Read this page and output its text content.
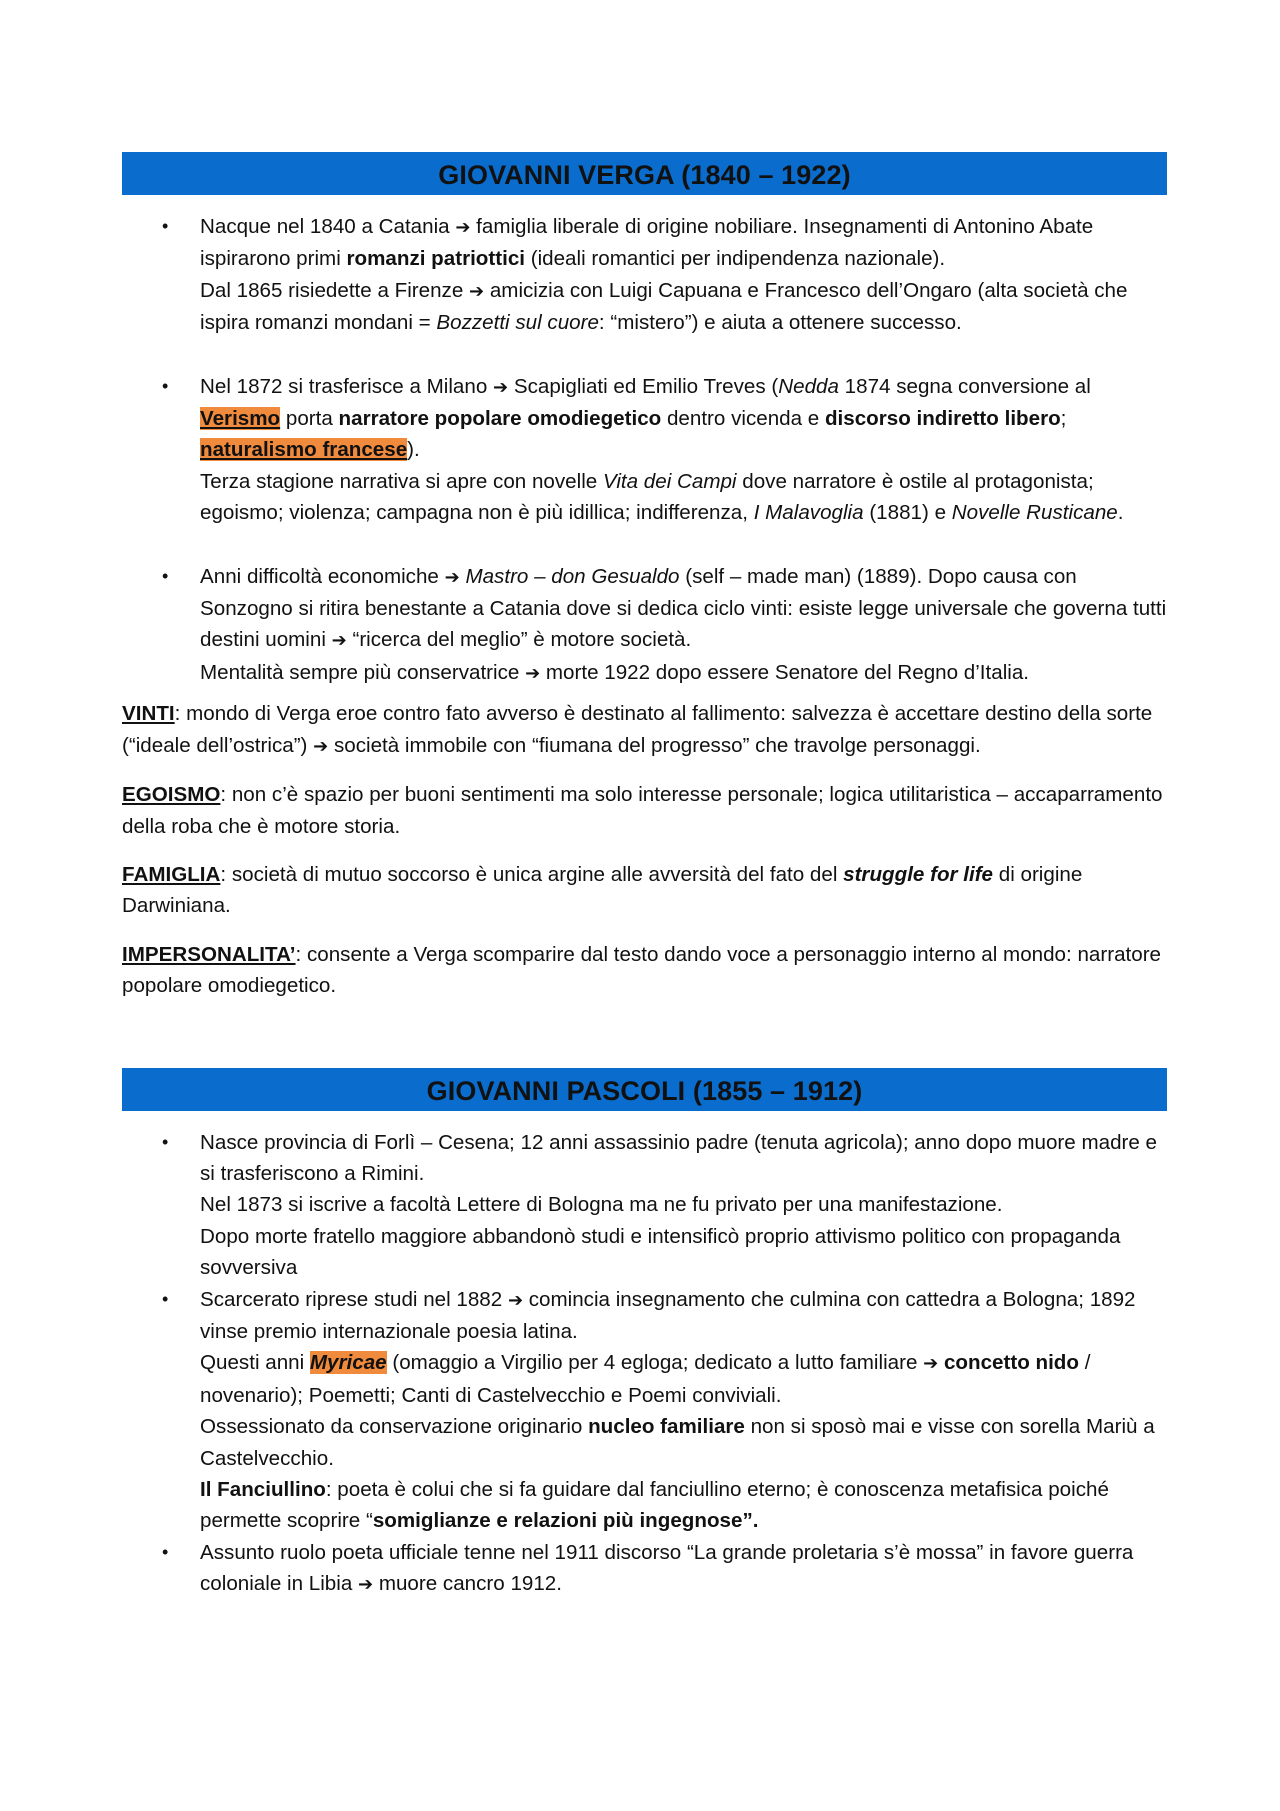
GIOVANNI VERGA (1840 – 1922)
• Nacque nel 1840 a Catania ➔ famiglia liberale di origine nobiliare. Insegnamenti di Antonino Abate ispirarono primi romanzi patriottici (ideali romantici per indipendenza nazionale).

Dal 1865 risiedette a Firenze ➔ amicizia con Luigi Capuana e Francesco dell’Ongaro (alta società che ispira romanzi mondani = Bozzetti sul cuore: “mistero”) e aiuta a ottenere successo.

• Nel 1872 si trasferisce a Milano ➔ Scapigliati ed Emilio Treves (Nedda 1874 segna conversione al Verismo porta narratore popolare omodiegetico dentro vicenda e discorso indiretto libero; naturalismo francese).

Terza stagione narrativa si apre con novelle Vita dei Campi dove narratore è ostile al protagonista; egoismo; violenza; campagna non è più idillica; indifferenza, I Malavoglia (1881) e Novelle Rusticane.

• Anni difficoltà economiche ➔ Mastro – don Gesualdo (self – made man) (1889). Dopo causa con Sonzogno si ritira benestante a Catania dove si dedica ciclo vinti: esiste legge universale che governa tutti destini uomini ➔ “ricerca del meglio” è motore società.

Mentalità sempre più conservatrice ➔ morte 1922 dopo essere Senatore del Regno d’Italia.

VINTI: mondo di Verga eroe contro fato avverso è destinato al fallimento: salvezza è accettare destino della sorte (“ideale dell’ostrica”) ➔ società immobile con “fiumana del progresso” che travolge personaggi.

EGOISMO: non c’è spazio per buoni sentimenti ma solo interesse personale; logica utilitaristica – accaparramento della roba che è motore storia.

FAMIGLIA: società di mutuo soccorso è unica argine alle avversità del fato del struggle for life di origine Darwiniana.

IMPERSONALITA’: consente a Verga scomparire dal testo dando voce a personaggio interno al mondo: narratore popolare omodiegetico.

GIOVANNI PASCOLI (1855 – 1912)
• Nasce provincia di Forlì – Cesena; 12 anni assassinio padre (tenuta agricola); anno dopo muore madre e si trasferiscono a Rimini.

Nel 1873 si iscrive a facoltà Lettere di Bologna ma ne fu privato per una manifestazione.

Dopo morte fratello maggiore abbandonò studi e intensificò proprio attivismo politico con propaganda sovversiva

• Scarcerato riprese studi nel 1882 ➔ comincia insegnamento che culmina con cattedra a Bologna; 1892 vinse premio internazionale poesia latina.

Questi anni Myricae (omaggio a Virgilio per 4 egloga; dedicato a lutto familiare ➔ concetto nido / novenario); Poemetti; Canti di Castelvecchio e Poemi conviviali.

Ossessionato da conservazione originario nucleo familiare non si sposò mai e visse con sorella Mariù a Castelvecchio.

Il Fanciullino: poeta è colui che si fa guidare dal fanciullino eterno; è conoscenza metafisica poiché permette scoprire “somiglianze e relazioni più ingegnose”.

• Assunto ruolo poeta ufficiale tenne nel 1911 discorso “La grande proletaria s’è mossa” in favore guerra coloniale in Libia ➔ muore cancro 1912.
